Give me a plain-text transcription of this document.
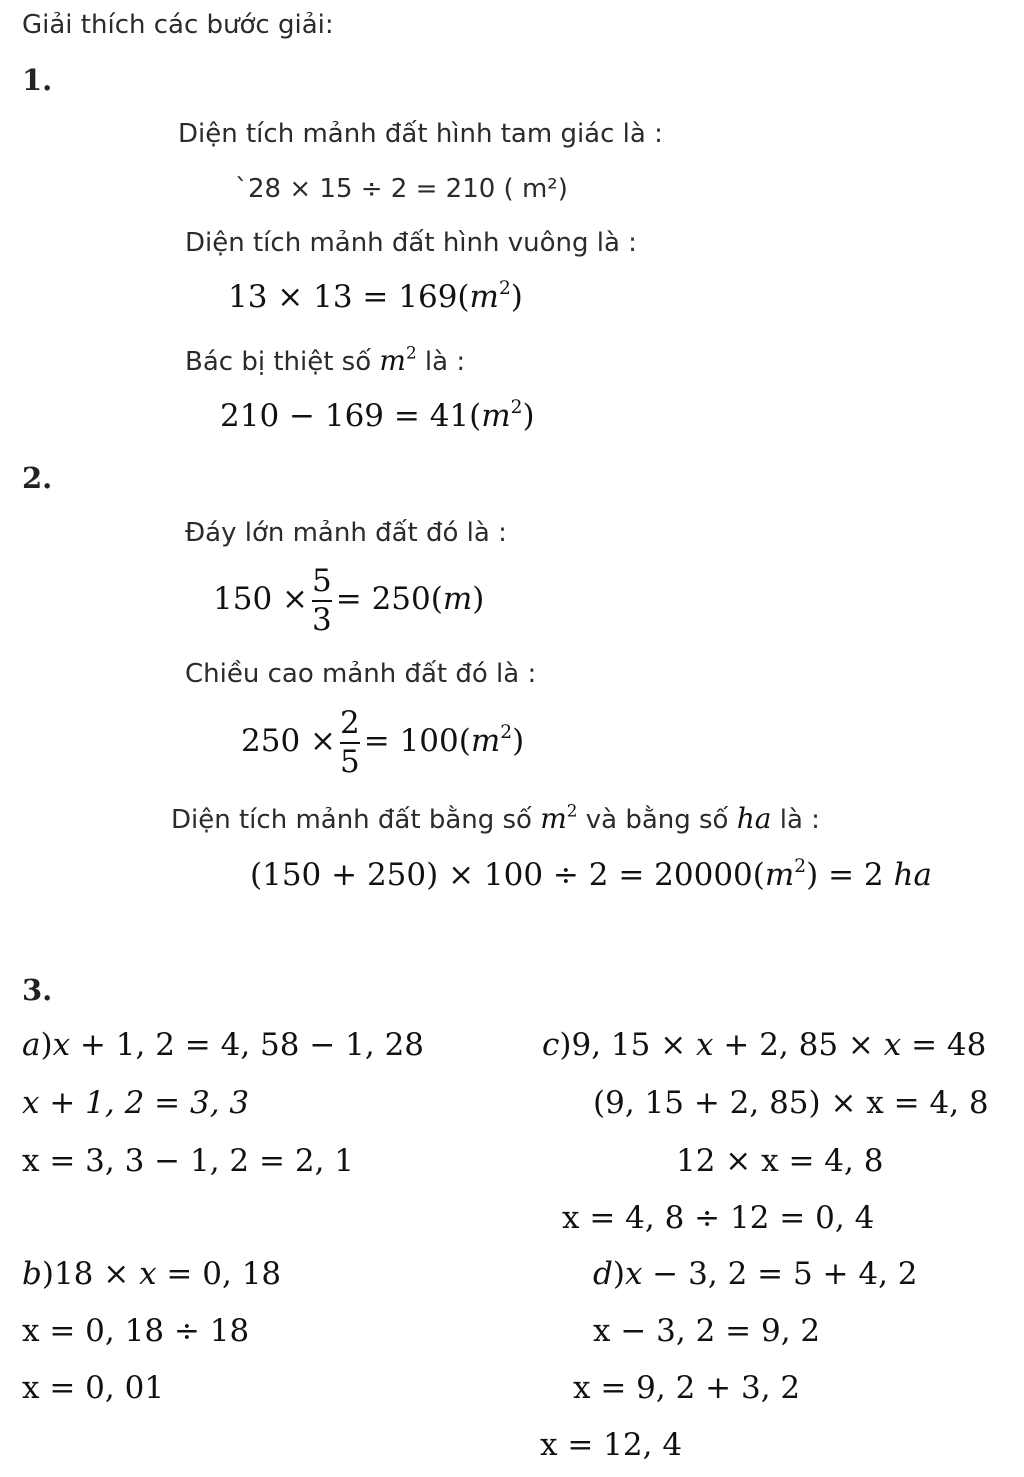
Giải thích các bước giải:
1.
Diện tích mảnh đất hình tam giác là :
`28 × 15 ÷ 2 = 210 ( m²)
Diện tích mảnh đất hình vuông là :
$13 \times 13 = 169(m^2)$
Bác bị thiệt số $m^2$ là :
$210 - 169 = 41(m^2)$
2.
Đáy lớn mảnh đất đó là :
$150 \times \frac{5}{3} = 250(m)$
Chiều cao mảnh đất đó là :
$250 \times \frac{2}{5} = 100(m^2)$
Diện tích mảnh đất bằng số $m^2$ và bằng số ha là :
$(150 + 250) \times 100 \div 2 = 20000(m^2) = 2$ ha
3.
a)x + 1, 2 = 4, 58 − 1, 28
x + 1, 2 = 3, 3
x = 3, 3 − 1, 2 = 2, 1
b)18 × x = 0, 18
x = 0, 18 ÷ 18
x = 0, 01
c)9, 15 × x + 2, 85 × x = 48
(9, 15 + 2, 85) × x = 4, 8
12 × x = 4, 8
x = 4, 8 ÷ 12 = 0, 4
d)x − 3, 2 = 5 + 4, 2
x − 3, 2 = 9, 2
x = 9, 2 + 3, 2
x = 12, 4
